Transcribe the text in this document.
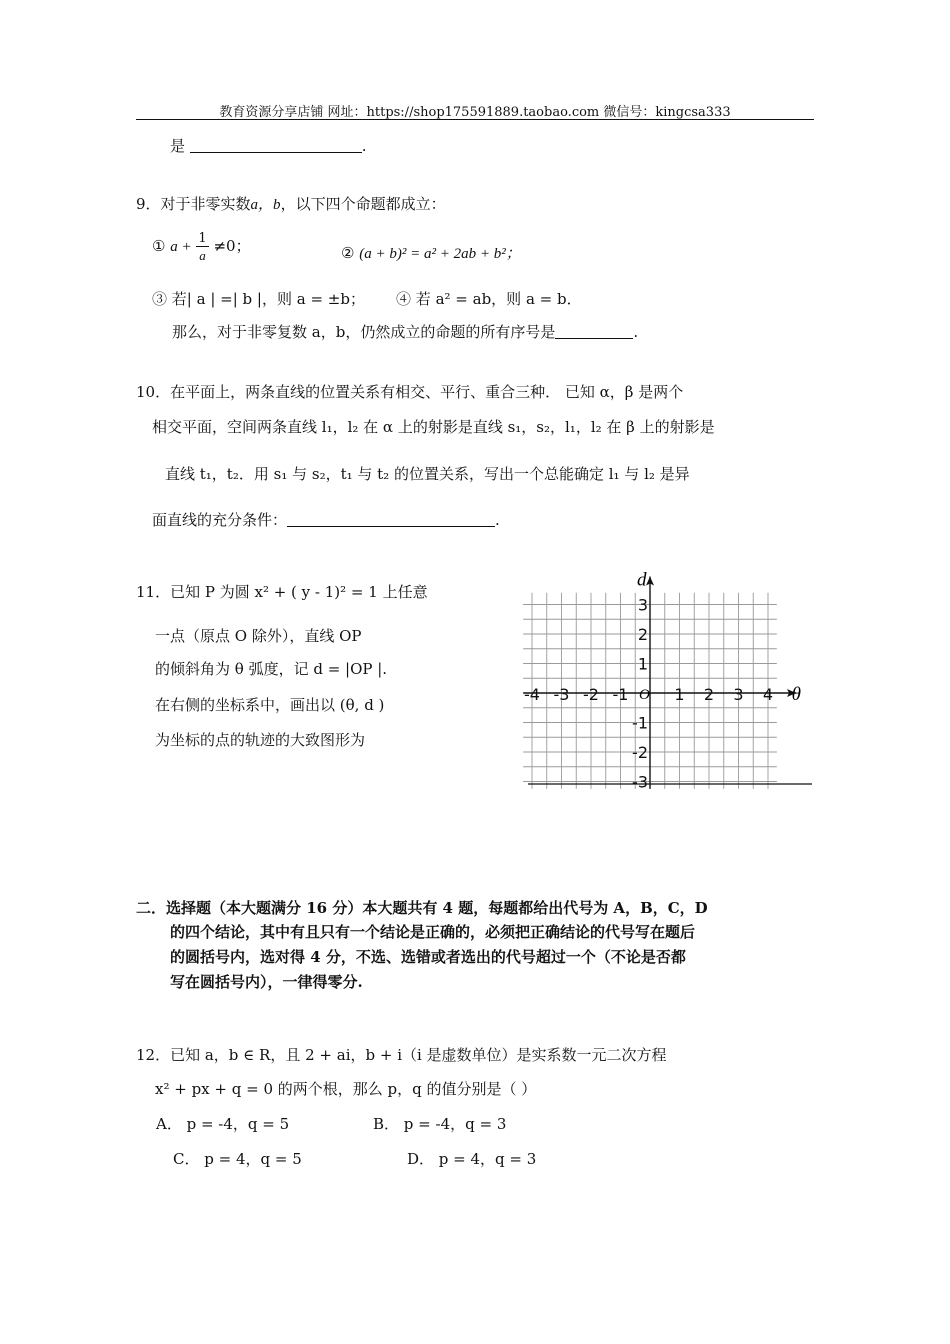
教育资源分享店铺 网址：https://shop175591889.taobao.com 微信号：kingcsa333
是	.
9．对于非零实数a，b，以下四个命题都成立：
① $a + \frac{1}{a} \ne 0$；	② (a + b)² = a² + 2ab + b²；
③ 若| a | =| b |，则 a = ±b； ④ 若 a² = ab，则 a = b．
那么，对于非零复数 a，b，仍然成立的命题的所有序号是	.
10．在平面上，两条直线的位置关系有相交、平行、重合三种． 已知 α，β 是两个
相交平面，空间两条直线 l₁，l₂ 在 α 上的射影是直线 s₁，s₂，l₁，l₂ 在 β 上的射影是
直线 t₁，t₂．用 s₁ 与 s₂，t₁ 与 t₂ 的位置关系，写出一个总能确定 l₁ 与 l₂ 是异
面直线的充分条件：	.
11．已知 P 为圆 x² + ( y - 1)² = 1 上任意
一点（原点 O 除外），直线 OP
的倾斜角为 θ 弧度，记 d = |OP |.
在右侧的坐标系中，画出以 (θ, d )
为坐标的点的轨迹的大致图形为
θ
d
O
-4 -3 -2 -1	1 2 3 4
3
2
1
-1
-2
-3
二．选择题（本大题满分 16 分）本大题共有 4 题，每题都给出代号为 A，B，C，D
的四个结论，其中有且只有一个结论是正确的，必须把正确结论的代号写在题后
的圆括号内，选对得 4 分，不选、选错或者选出的代号超过一个（不论是否都
写在圆括号内），一律得零分.
12．已知 a，b ∈ R，且 2 + ai，b + i（i 是虚数单位）是实系数一元二次方程
x² + px + q = 0 的两个根，那么 p，q 的值分别是（ ）
A． p = -4，q = 5	B． p = -4，q = 3
C． p = 4，q = 5	D． p = 4，q = 3
